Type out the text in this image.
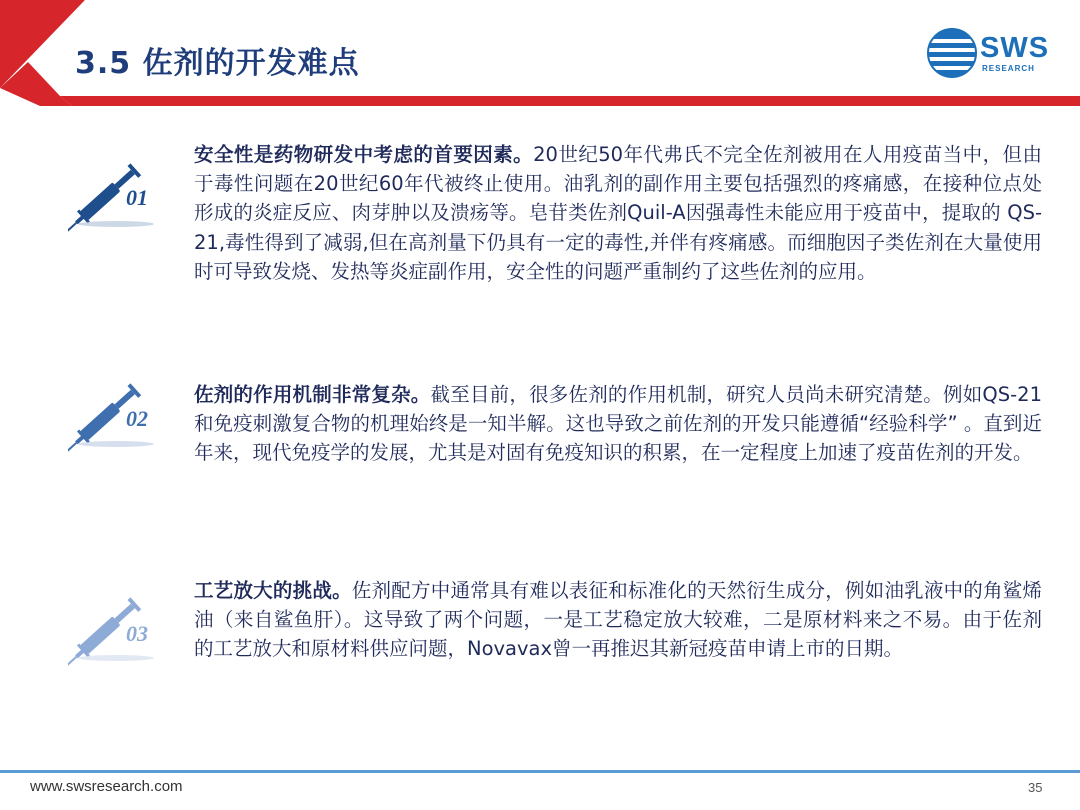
3.5 佐剂的开发难点	SWS
RESEARCH
01
安全性是药物研发中考虑的首要因素。20世纪50年代弗氏不完全佐剂被用在人用疫苗当中，但由于毒性问题在20世纪60年代被终止使用。油乳剂的副作用主要包括强烈的疼痛感，在接种位点处形成的炎症反应、肉芽肿以及溃疡等。皂苷类佐剂Quil-A因强毒性未能应用于疫苗中，提取的 QS-21,毒性得到了减弱,但在高剂量下仍具有一定的毒性,并伴有疼痛感。而细胞因子类佐剂在大量使用时可导致发烧、发热等炎症副作用，安全性的问题严重制约了这些佐剂的应用。
02
佐剂的作用机制非常复杂。截至目前，很多佐剂的作用机制，研究人员尚未研究清楚。例如QS-21和免疫刺激复合物的机理始终是一知半解。这也导致之前佐剂的开发只能遵循“经验科学” 。直到近年来，现代免疫学的发展，尤其是对固有免疫知识的积累，在一定程度上加速了疫苗佐剂的开发。
03
工艺放大的挑战。佐剂配方中通常具有难以表征和标准化的天然衍生成分，例如油乳液中的角鲨烯油（来自鲨鱼肝）。这导致了两个问题，一是工艺稳定放大较难，二是原材料来之不易。由于佐剂的工艺放大和原材料供应问题，Novavax曾一再推迟其新冠疫苗申请上市的日期。
www.swsresearch.com	35
